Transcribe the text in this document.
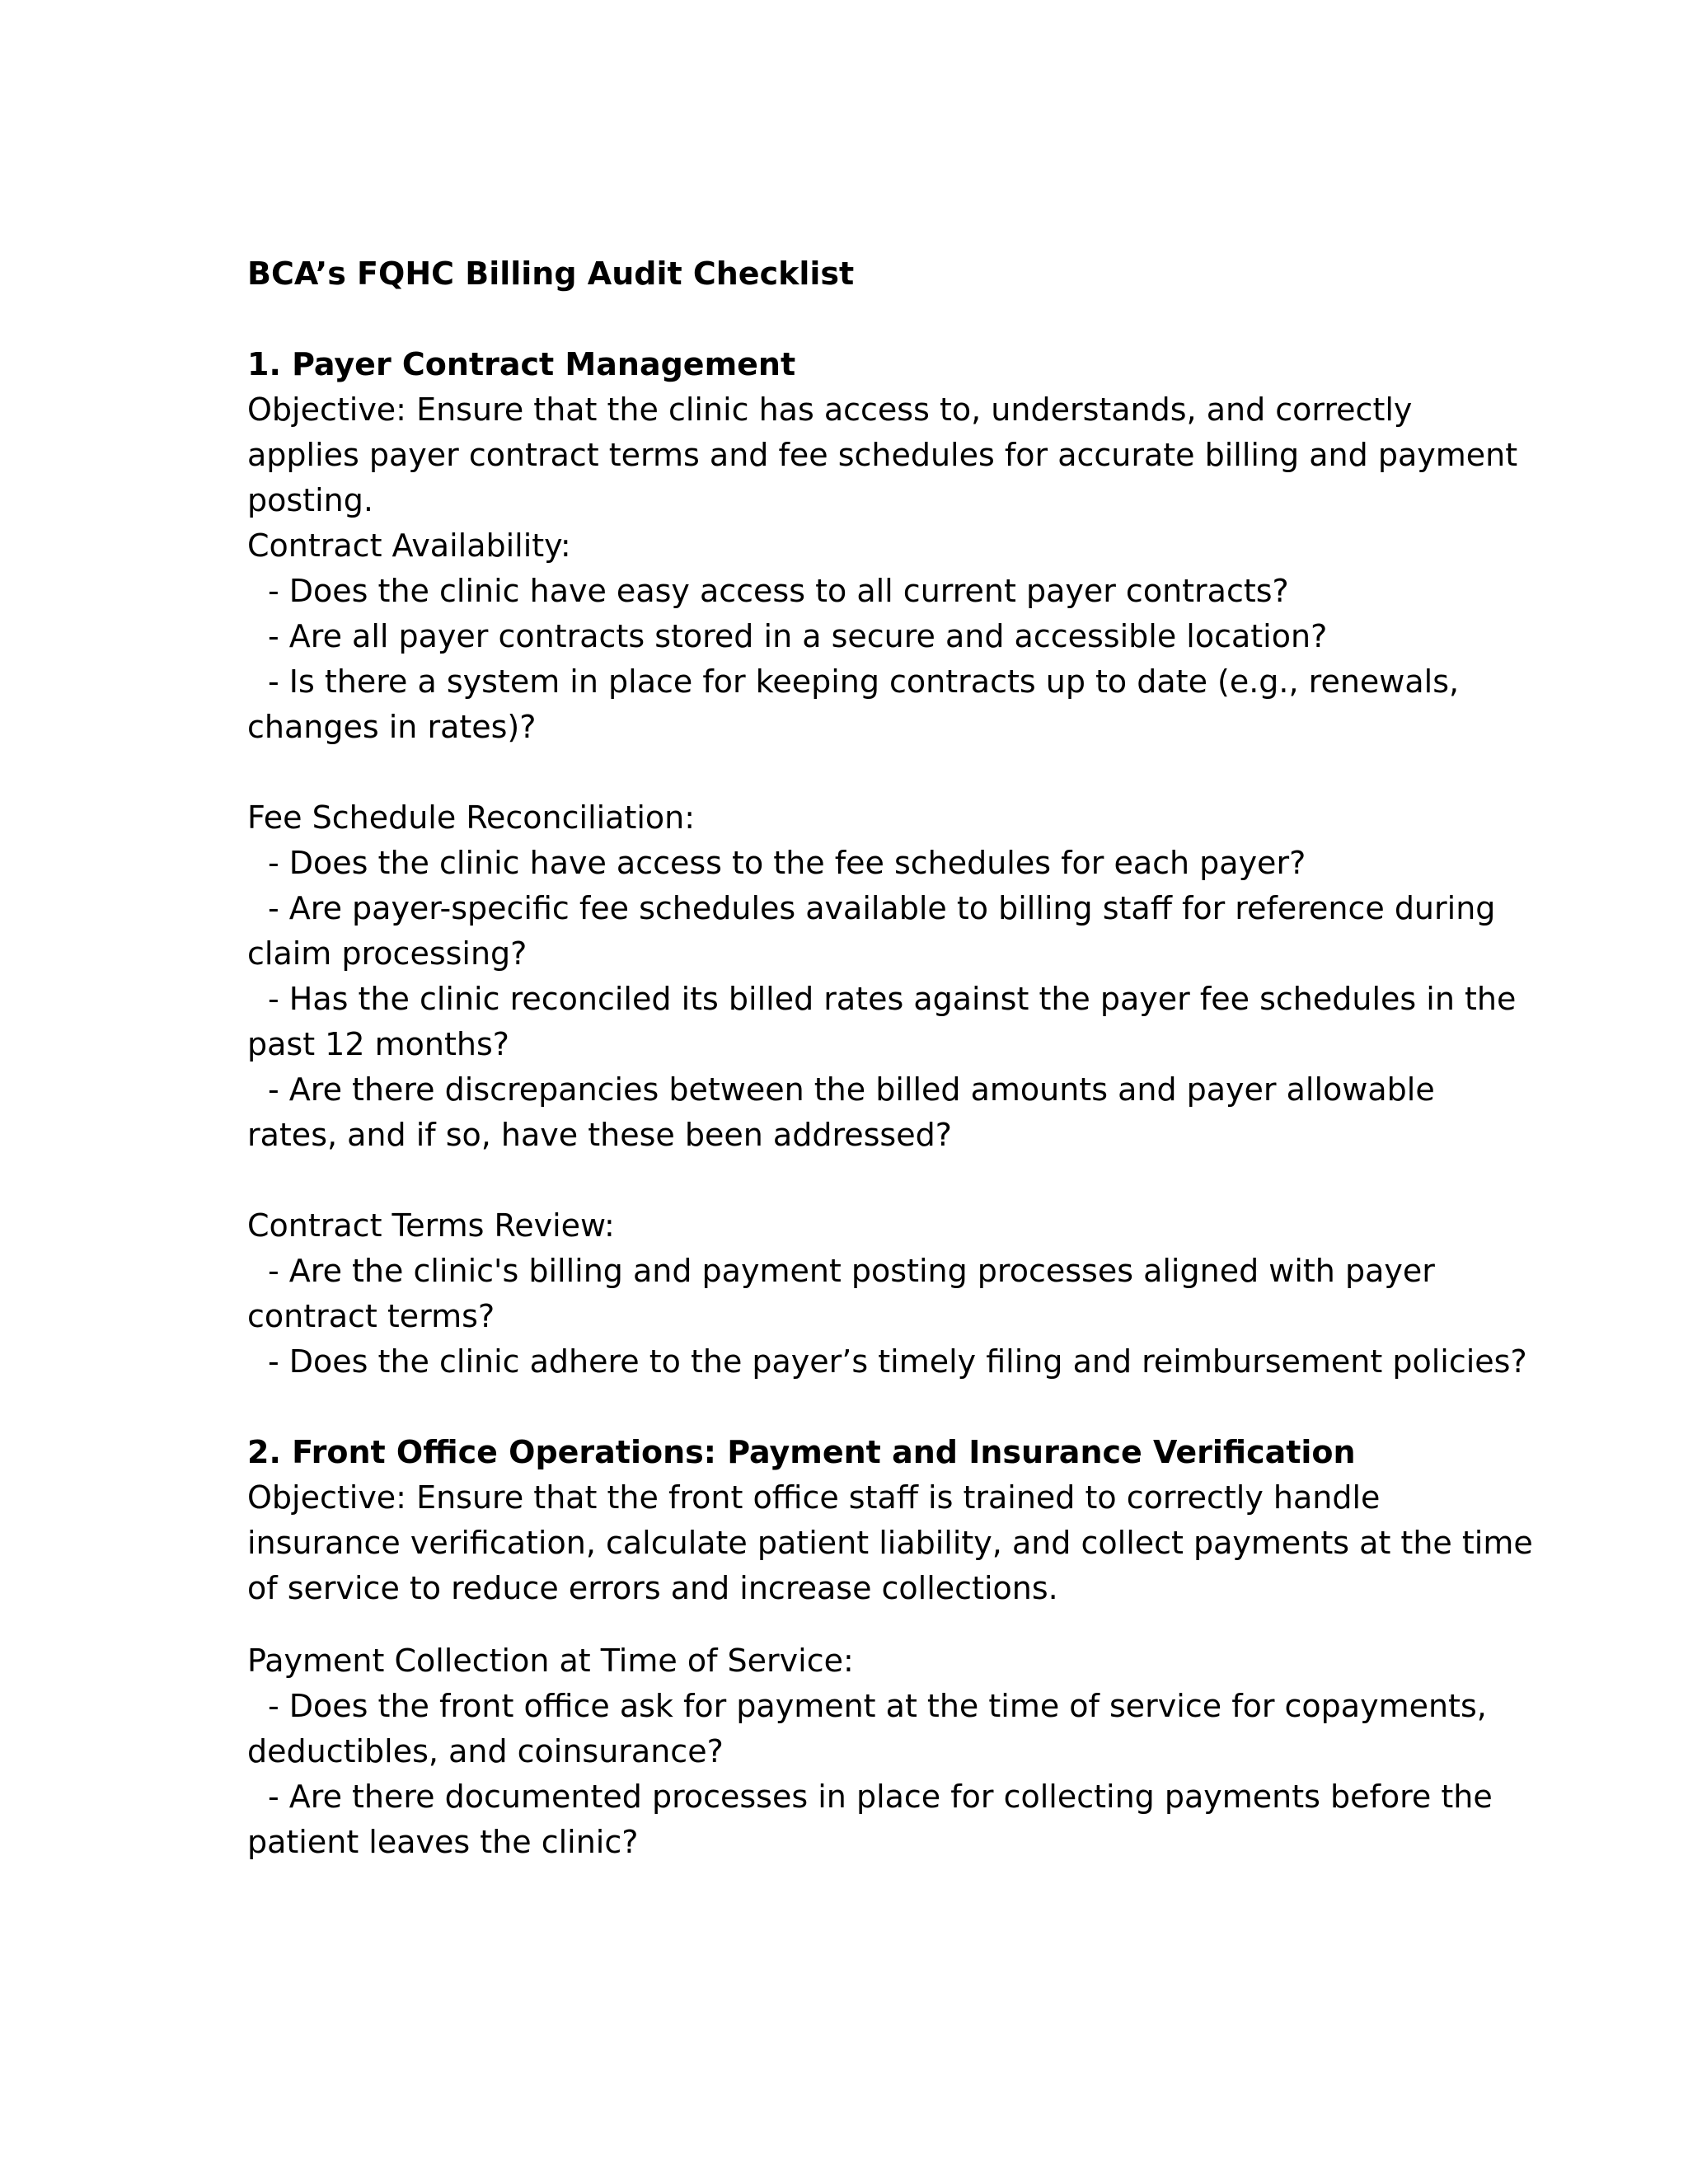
BCA’s FQHC Billing Audit Checklist
1. Payer Contract Management
Objective: Ensure that the clinic has access to, understands, and correctly
applies payer contract terms and fee schedules for accurate billing and payment
posting.
Contract Availability:
- Does the clinic have easy access to all current payer contracts?
- Are all payer contracts stored in a secure and accessible location?
- Is there a system in place for keeping contracts up to date (e.g., renewals,
changes in rates)?
Fee Schedule Reconciliation:
- Does the clinic have access to the fee schedules for each payer?
- Are payer-specific fee schedules available to billing staff for reference during
claim processing?
- Has the clinic reconciled its billed rates against the payer fee schedules in the
past 12 months?
- Are there discrepancies between the billed amounts and payer allowable
rates, and if so, have these been addressed?
Contract Terms Review:
- Are the clinic's billing and payment posting processes aligned with payer
contract terms?
- Does the clinic adhere to the payer’s timely filing and reimbursement policies?
2. Front Office Operations: Payment and Insurance Verification
Objective: Ensure that the front office staff is trained to correctly handle
insurance verification, calculate patient liability, and collect payments at the time
of service to reduce errors and increase collections.
Payment Collection at Time of Service:
- Does the front office ask for payment at the time of service for copayments,
deductibles, and coinsurance?
- Are there documented processes in place for collecting payments before the
patient leaves the clinic?
